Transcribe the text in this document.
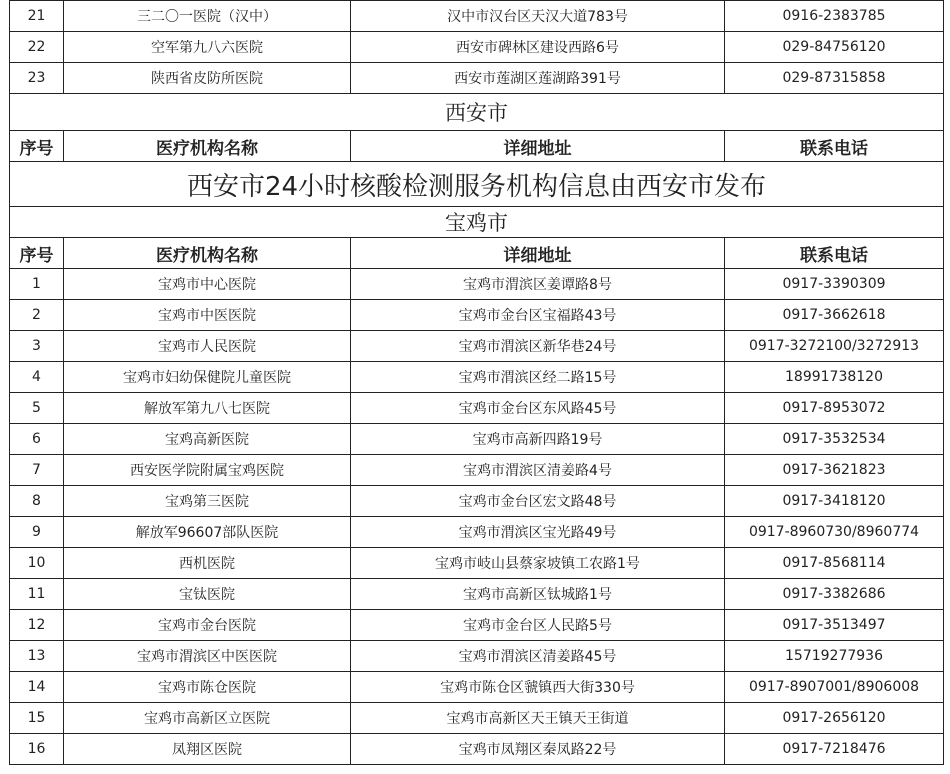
21	三二〇一医院（汉中）	汉中市汉台区天汉大道783号	0916-2383785
22	空军第九八六医院	西安市碑林区建设西路6号	029-84756120
23	陕西省皮防所医院	西安市莲湖区莲湖路391号	029-87315858
西安市			
序号	医疗机构名称	详细地址	联系电话
西安市24小时核酸检测服务机构信息由西安市发布			
宝鸡市			
序号	医疗机构名称	详细地址	联系电话
1	宝鸡市中心医院	宝鸡市渭滨区姜谭路8号	0917-3390309
2	宝鸡市中医医院	宝鸡市金台区宝福路43号	0917-3662618
3	宝鸡市人民医院	宝鸡市渭滨区新华巷24号	0917-3272100/3272913
4	宝鸡市妇幼保健院儿童医院	宝鸡市渭滨区经二路15号	18991738120
5	解放军第九八七医院	宝鸡市金台区东风路45号	0917-8953072
6	宝鸡高新医院	宝鸡市高新四路19号	0917-3532534
7	西安医学院附属宝鸡医院	宝鸡市渭滨区清姜路4号	0917-3621823
8	宝鸡第三医院	宝鸡市金台区宏文路48号	0917-3418120
9	解放军96607部队医院	宝鸡市渭滨区宝光路49号	0917-8960730/8960774
10	西机医院	宝鸡市岐山县蔡家坡镇工农路1号	0917-8568114
11	宝钛医院	宝鸡市高新区钛城路1号	0917-3382686
12	宝鸡市金台医院	宝鸡市金台区人民路5号	0917-3513497
13	宝鸡市渭滨区中医医院	宝鸡市渭滨区清姜路45号	15719277936
14	宝鸡市陈仓医院	宝鸡市陈仓区虢镇西大街330号	0917-8907001/8906008
15	宝鸡市高新区立医院	宝鸡市高新区天王镇天王街道	0917-2656120
16	凤翔区医院	宝鸡市凤翔区秦凤路22号	0917-7218476
